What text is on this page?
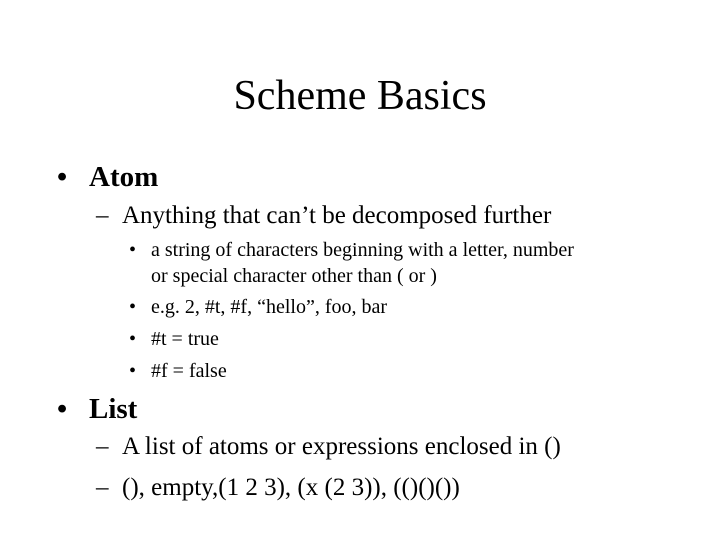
Scheme Basics
• Atom
– Anything that can’t be decomposed further
• a string of characters beginning with a letter, number
or special character other than ( or )
• e.g. 2, #t, #f, “hello”, foo, bar
• #t = true
• #f = false
• List
– A list of atoms or expressions enclosed in ()
– (), empty,(1 2 3), (x (2 3)), (()()())
